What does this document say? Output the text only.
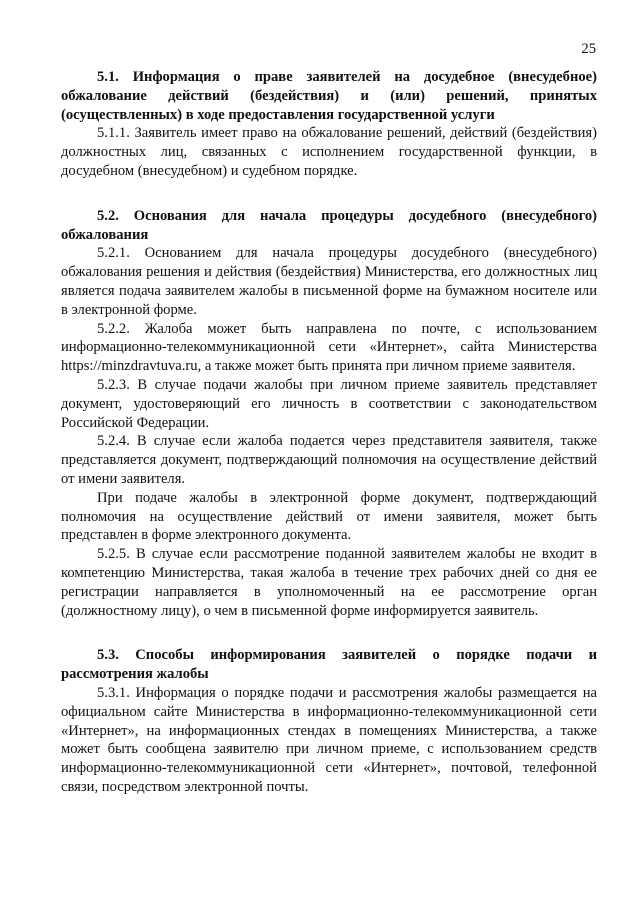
25

5.1. Информация о праве заявителей на досудебное (внесудебное) обжалование действий (бездействия) и (или) решений, принятых (осуществленных) в ходе предоставления государственной услуги

5.1.1. Заявитель имеет право на обжалование решений, действий (бездействия) должностных лиц, связанных с исполнением государственной функции, в досудебном (внесудебном) и судебном порядке.

5.2. Основания для начала процедуры досудебного (внесудебного) обжалования

5.2.1. Основанием для начала процедуры досудебного (внесудебного) обжалования решения и действия (бездействия) Министерства, его должностных лиц является подача заявителем жалобы в письменной форме на бумажном носителе или в электронной форме.

5.2.2. Жалоба может быть направлена по почте, с использованием информационно-телекоммуникационной сети «Интернет», сайта Министерства https://minzdravtuva.ru, а также может быть принята при личном приеме заявителя.

5.2.3. В случае подачи жалобы при личном приеме заявитель представляет документ, удостоверяющий его личность в соответствии с законодательством Российской Федерации.

5.2.4. В случае если жалоба подается через представителя заявителя, также представляется документ, подтверждающий полномочия на осуществление действий от имени заявителя.

При подаче жалобы в электронной форме документ, подтверждающий полномочия на осуществление действий от имени заявителя, может быть представлен в форме электронного документа.

5.2.5. В случае если рассмотрение поданной заявителем жалобы не входит в компетенцию Министерства, такая жалоба в течение трех рабочих дней со дня ее регистрации направляется в уполномоченный на ее рассмотрение орган (должностному лицу), о чем в письменной форме информируется заявитель.

5.3. Способы информирования заявителей о порядке подачи и рассмотрения жалобы

5.3.1. Информация о порядке подачи и рассмотрения жалобы размещается на официальном сайте Министерства в информационно-телекоммуникационной сети «Интернет», на информационных стендах в помещениях Министерства, а также может быть сообщена заявителю при личном приеме, с использованием средств информационно-телекоммуникационной сети «Интернет», почтовой, телефонной связи, посредством электронной почты.
